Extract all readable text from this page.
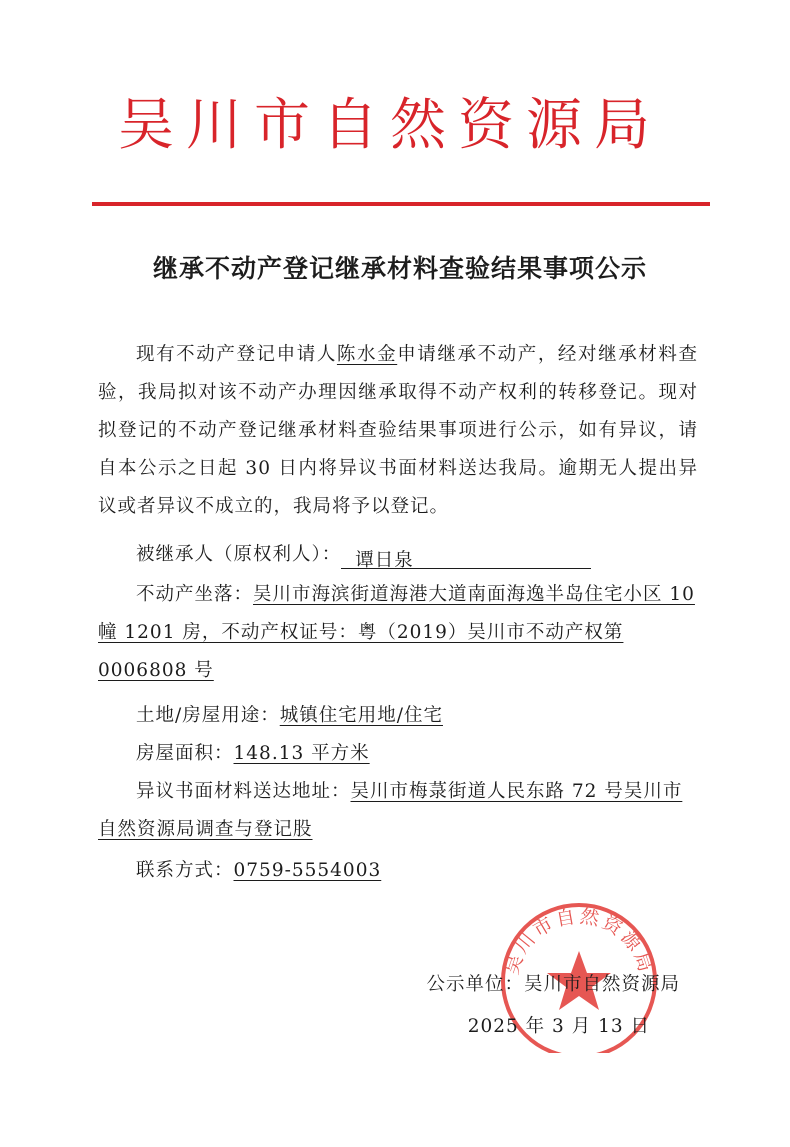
吴川市自然资源局
继承不动产登记继承材料查验结果事项公示
现有不动产登记申请人陈水金申请继承不动产，经对继承材料查验，我局拟对该不动产办理因继承取得不动产权利的转移登记。现对拟登记的不动产登记继承材料查验结果事项进行公示，如有异议，请自本公示之日起 30 日内将异议书面材料送达我局。逾期无人提出异议或者异议不成立的，我局将予以登记。
被继承人（原权利人）： 谭日泉
不动产坐落：吴川市海滨街道海港大道南面海逸半岛住宅小区 10 幢 1201 房，不动产权证号：粤（2019）吴川市不动产权第 0006808 号
土地/房屋用途：城镇住宅用地/住宅
房屋面积：148.13 平方米
异议书面材料送达地址：吴川市梅菉街道人民东路 72 号吴川市自然资源局调查与登记股
联系方式：0759-5554003
吴川市自然资源局
公示单位：吴川市自然资源局
2025 年 3 月 13 日
